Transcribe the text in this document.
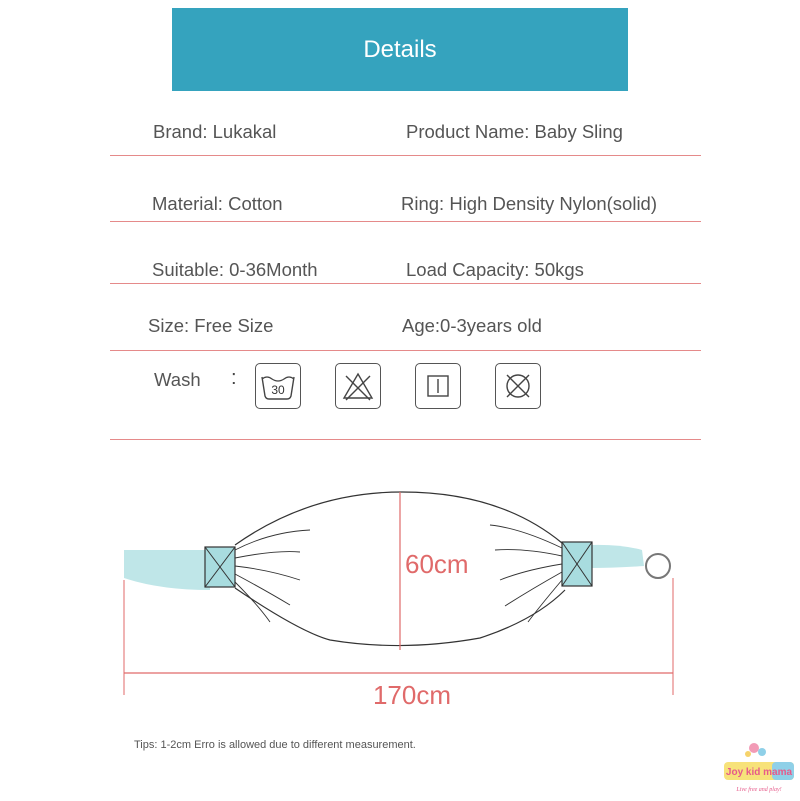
Details
Brand: Lukakal	Product Name: Baby Sling
Material: Cotton	Ring: High Density Nylon(solid)
Suitable: 0-36Month	Load Capacity: 50kgs
Size: Free Size	Age:0-3years old
Wash :
30
60cm
170cm
Tips: 1-2cm Erro is allowed due to different measurement.
Joy kid mama
Live free and play!
